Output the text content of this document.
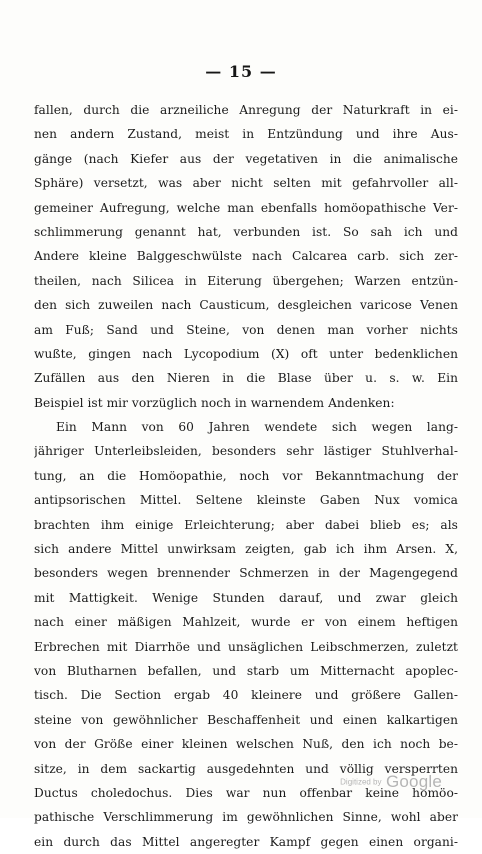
— 15 —
fallen, durch die arzneiliche Anregung der Naturkraft in ei-
nen andern Zustand, meist in Entzündung und ihre Aus-
gänge (nach Kiefer aus der vegetativen in die animalische
Sphäre) versetzt, was aber nicht selten mit gefahrvoller all-
gemeiner Aufregung, welche man ebenfalls homöopathische Ver-
schlimmerung genannt hat, verbunden ist. So sah ich und
Andere kleine Balggeschwülste nach Calcarea carb. sich zer-
theilen, nach Silicea in Eiterung übergehen; Warzen entzün-
den sich zuweilen nach Causticum, desgleichen varicose Venen
am Fuß; Sand und Steine, von denen man vorher nichts
wußte, gingen nach Lycopodium (X) oft unter bedenklichen
Zufällen aus den Nieren in die Blase über u. s. w. Ein
Beispiel ist mir vorzüglich noch in warnendem Andenken:
Ein Mann von 60 Jahren wendete sich wegen lang-
jähriger Unterleibsleiden, besonders sehr lästiger Stuhlverhal-
tung, an die Homöopathie, noch vor Bekanntmachung der
antipsorischen Mittel. Seltene kleinste Gaben Nux vomica
brachten ihm einige Erleichterung; aber dabei blieb es; als
sich andere Mittel unwirksam zeigten, gab ich ihm Arsen. X,
besonders wegen brennender Schmerzen in der Magengegend
mit Mattigkeit. Wenige Stunden darauf, und zwar gleich
nach einer mäßigen Mahlzeit, wurde er von einem heftigen
Erbrechen mit Diarrhöe und unsäglichen Leibschmerzen, zuletzt
von Blutharnen befallen, und starb um Mitternacht apoplec-
tisch. Die Section ergab 40 kleinere und größere Gallen-
steine von gewöhnlicher Beschaffenheit und einen kalkartigen
von der Größe einer kleinen welschen Nuß, den ich noch be-
sitze, in dem sackartig ausgedehnten und völlig versperrten
Ductus choledochus. Dies war nun offenbar keine homöo-
pathische Verschlimmerung im gewöhnlichen Sinne, wohl aber
ein durch das Mittel angeregter Kampf gegen einen organi-
Digitized by Google
